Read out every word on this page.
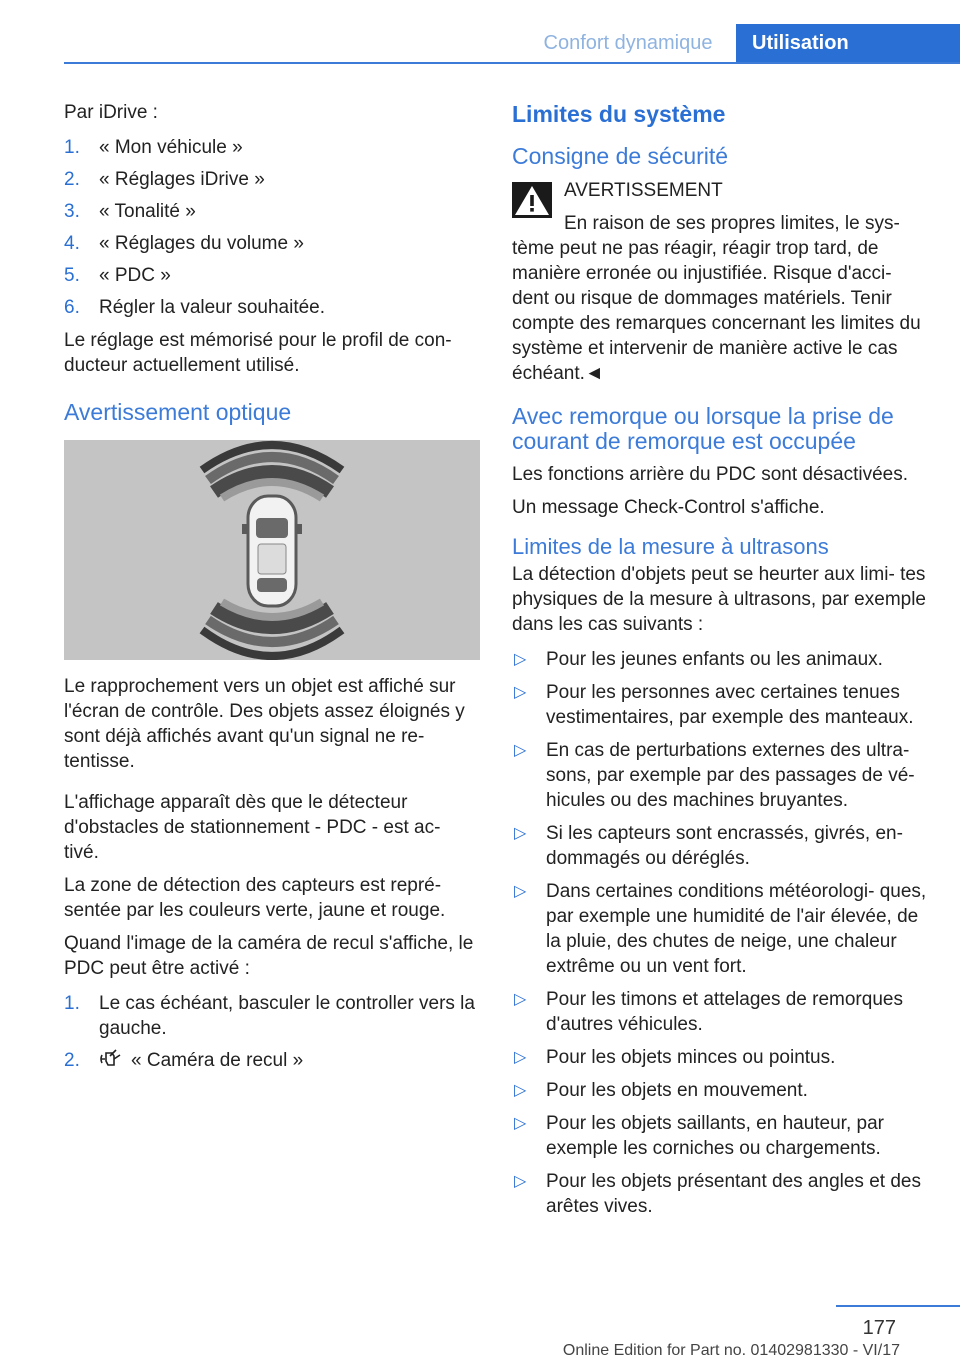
Confort dynamique	Utilisation

Par iDrive :

1. « Mon véhicule »
2. « Réglages iDrive »
3. « Tonalité »
4. « Réglages du volume »
5. « PDC »
6. Régler la valeur souhaitée.

Le réglage est mémorisé pour le profil de con‐ ducteur actuellement utilisé.

Avertissement optique

Le rapprochement vers un objet est affiché sur l'écran de contrôle. Des objets assez éloignés y sont déjà affichés avant qu'un signal ne re‐ tentisse.

L'affichage apparaît dès que le détecteur d'obstacles de stationnement - PDC - est ac‐ tivé.

La zone de détection des capteurs est repré‐ sentée par les couleurs verte, jaune et rouge.

Quand l'image de la caméra de recul s'affiche, le PDC peut être activé :

1. Le cas échéant, basculer le controller vers la gauche.
2.	« Caméra de recul »
Limites du système
Consigne de sécurité
AVERTISSEMENT
En raison de ses propres limites, le sys‐
tème peut ne pas réagir, réagir trop tard, de manière erronée ou injustifiée. Risque d'acci‐ dent ou risque de dommages matériels. Tenir compte des remarques concernant les limites du système et intervenir de manière active le cas échéant.◄
Avec remorque ou lorsque la prise de courant de remorque est occupée

Les fonctions arrière du PDC sont désactivées.

Un message Check-Control s'affiche.

Limites de la mesure à ultrasons

La détection d'objets peut se heurter aux limi‐ tes physiques de la mesure à ultrasons, par exemple dans les cas suivants :

▷ Pour les jeunes enfants ou les animaux.
▷ Pour les personnes avec certaines tenues vestimentaires, par exemple des manteaux.
▷ En cas de perturbations externes des ultra‐ sons, par exemple par des passages de vé‐ hicules ou des machines bruyantes.
▷ Si les capteurs sont encrassés, givrés, en‐ dommagés ou déréglés.
▷ Dans certaines conditions météorologi‐ ques, par exemple une humidité de l'air élevée, de la pluie, des chutes de neige, une chaleur extrême ou un vent fort.
▷ Pour les timons et attelages de remorques d'autres véhicules.
▷ Pour les objets minces ou pointus.
▷ Pour les objets en mouvement.
▷ Pour les objets saillants, en hauteur, par exemple les corniches ou chargements.
▷ Pour les objets présentant des angles et des arêtes vives.
177
Online Edition for Part no. 01402981330 - VI/17
